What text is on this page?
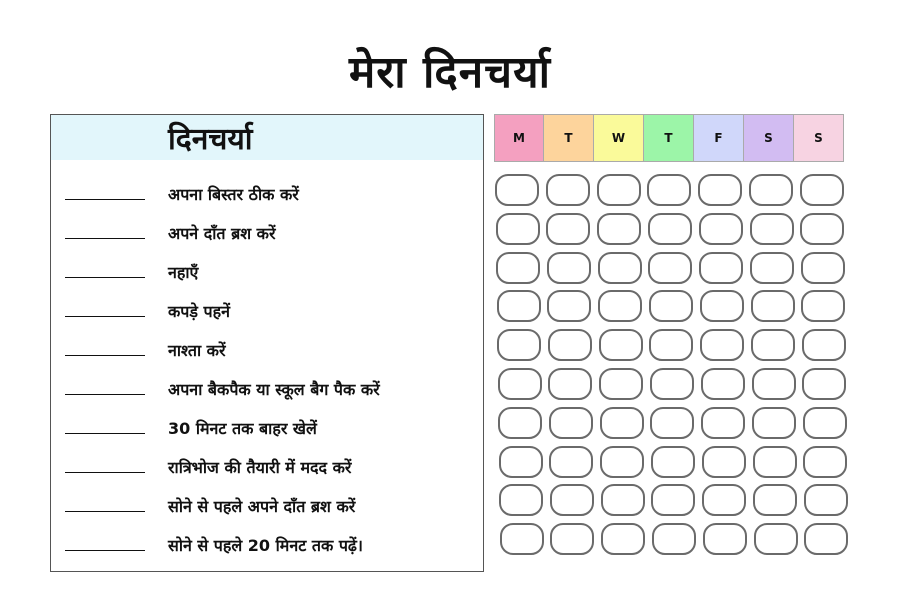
मेरा दिनचर्या
दिनचर्या
अपना बिस्तर ठीक करें
अपने दाँत ब्रश करें
नहाएँ
कपड़े पहनें
नाश्ता करें
अपना बैकपैक या स्कूल बैग पैक करें
30 मिनट तक बाहर खेलें
रात्रिभोज की तैयारी में मदद करें
सोने से पहले अपने दाँत ब्रश करें
सोने से पहले 20 मिनट तक पढ़ें।
M	T	W	T	F	S	S
